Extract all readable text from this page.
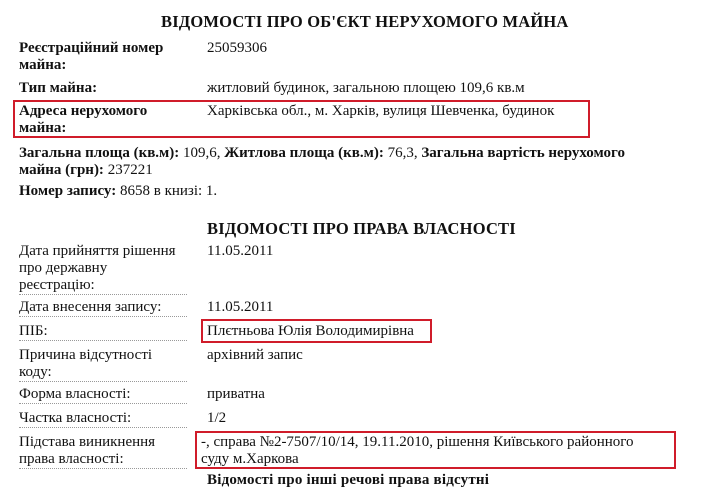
ВІДОМОСТІ ПРО ОБ'ЄКТ НЕРУХОМОГО МАЙНА
Реєстраційний номер
майна:
25059306
Тип майна:	житловий будинок, загальною площею 109,6 кв.м
Адреса нерухомого
майна:
Харківська обл., м. Харків, вулиця Шевченка, будинок
Загальна площа (кв.м): 109,6, Житлова площа (кв.м): 76,3, Загальна вартість нерухомого
майна (грн): 237221
Номер запису: 8658 в книзі: 1.
ВІДОМОСТІ ПРО ПРАВА ВЛАСНОСТІ
Дата прийняття рішення
про державну
реєстрацію:
11.05.2011
Дата внесення запису:	11.05.2011
ПІБ:	Плєтньова Юлія Володимирівна
Причина відсутності
коду:
архівний запис
Форма власності:	приватна
Частка власності:	1/2
Підстава виникнення
права власності:
-, справа №2-7507/10/14, 19.11.2010, рішення Київського районного
суду м.Харкова
Відомості про інші речові права відсутні
